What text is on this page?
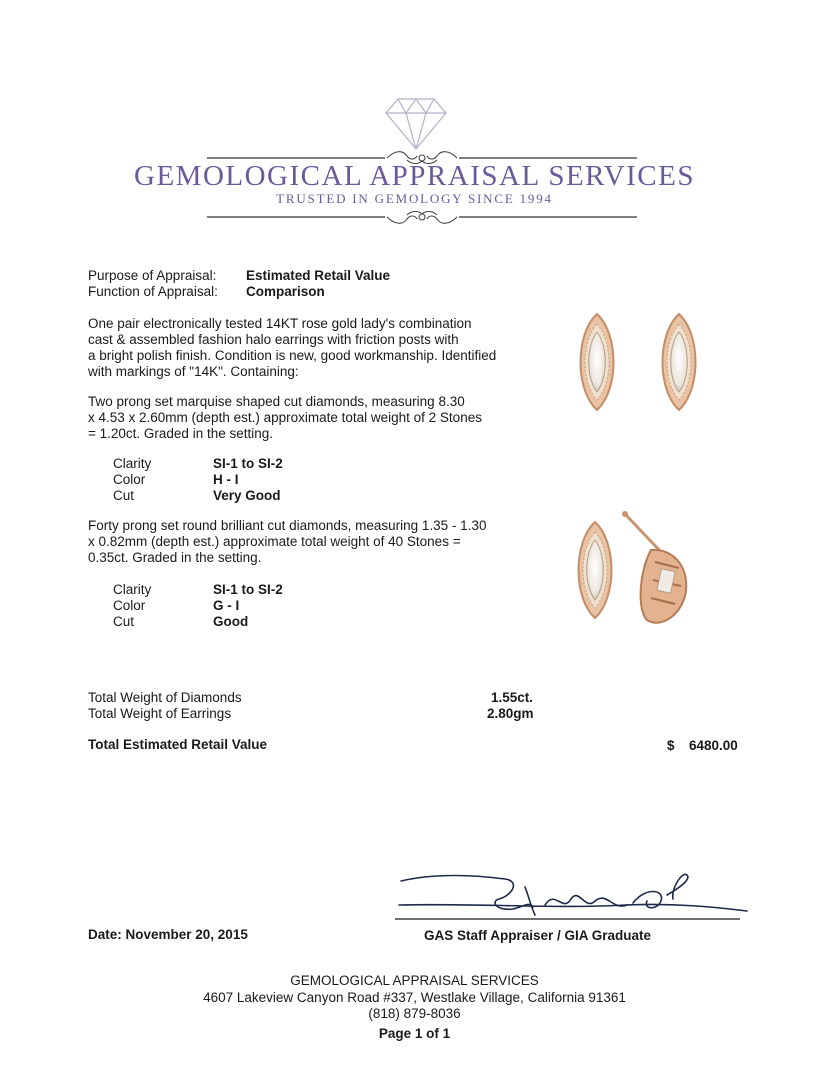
GEMOLOGICAL APPRAISAL SERVICES
TRUSTED IN GEMOLOGY SINCE 1994
Purpose of Appraisal: Estimated Retail Value
Function of Appraisal: Comparison
One pair electronically tested 14KT rose gold lady's combination
cast & assembled fashion halo earrings with friction posts with
a bright polish finish. Condition is new, good workmanship. Identified
with markings of "14K". Containing:
Two prong set marquise shaped cut diamonds, measuring 8.30
x 4.53 x 2.60mm (depth est.) approximate total weight of 2 Stones
= 1.20ct. Graded in the setting.
Clarity	SI-1 to SI-2
Color	H - I
Cut	Very Good
Forty prong set round brilliant cut diamonds, measuring 1.35 - 1.30
x 0.82mm (depth est.) approximate total weight of 40 Stones =
0.35ct. Graded in the setting.
Clarity	SI-1 to SI-2
Color	G - I
Cut	Good
Total Weight of Diamonds	1.55ct.
Total Weight of Earrings	2.80gm
Total Estimated Retail Value	$ 6480.00
Date: November 20, 2015	GAS Staff Appraiser / GIA Graduate
GEMOLOGICAL APPRAISAL SERVICES
4607 Lakeview Canyon Road #337, Westlake Village, California 91361
(818) 879-8036
Page 1 of 1
